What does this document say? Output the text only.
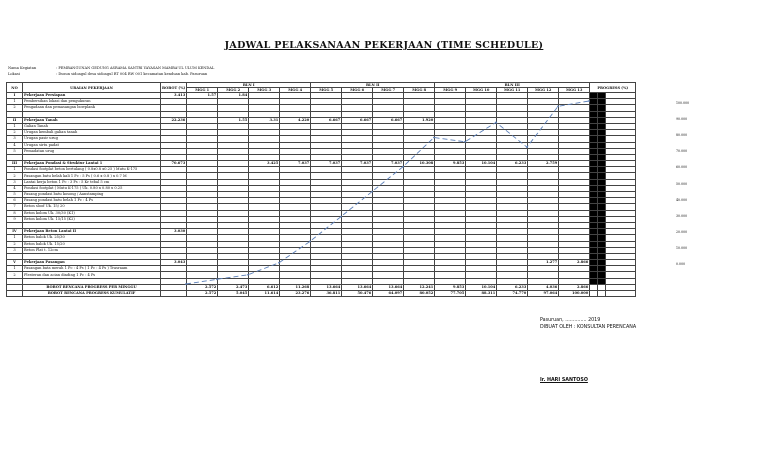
JADWAL PELAKSANAAN PEKERJAAN (TIME SCHEDULE)
Nama Kegiatan	: PEMBANGUNAN GEDUNG ASRAMA SANTRI YAYASAN MAMBA'UL ULUM KENDAL
Lokasi	: Dusun sidoagul desa sidoagul RT 004 RW 001 kecamatan kenduan kab. Pasuruan
NO	URAIAN PEKERJAAN	BOBOT (%)	BLN I				BLN II				BLN III					PROGRESS (%)		
			MGG 1	MGG 2	MGG 3	MGG 4	MGG 5	MGG 6	MGG 7	MGG 8	MGG 9	MGG 10	MGG 11	MGG 12	MGG 13			
I	Pekerjaan Persiapan	3.413	1.57	1.84														
1	Pembersihan lokasi dan pengukuran																	
2	Pengadaan dan pemasangan bowplank																	

II	Pekerjaan Tanah	22.236		1.55	3.31	4.220	6.667	6.667	6.667	1.920								
1	Galian Tanah																	
2	Urugan kembali galian tanah																	
3	Urugan pasir urug																	
4	Urugan sirtu padat																	
5	Pemadatan urug																	

III	Pekerjaan Pondasi & Struktur Lantai 1	70.673			3.425	7.037	7.037	7.037	7.037	10.308	9.853	10.104	6.233	2.759				
1	Pondasi footplat beton bertulang ( 0.8x0.8 x0.25 ) Mutu K-175																	
2	Pasangan batu belah kali 1 Pc : 5 Ps ( 0.6 x 0.8 ) x 0.7 M																	
3	Lantai kerja beton 1 Pc : 3 Ps : 5 Kr tebal 5 cm																	
4	Pondasi footplat ( Mutu K-175 ) Uk. 0.80 x 0.80 x 0.25																	
5	Pasang pondasi batu kosong / Aanstamping																	
6	Pasang pondasi batu belah 1 Pc : 4 Ps																	
7	Beton sloof Uk. 15/ 20																	
8	Beton kolom Uk. 30/30 (K1)																	
9	Beton kolom Uk. 15/15 (K2)																	

IV	Pekerjaan Beton Lantai II	3.030																
1	Beton balok Uk. 25/30																	
2	Beton balok Uk. 15/20																	
3	Beton Plat t. 12cm																	

V	Pekerjaan Pasangan	3.043												1.277	2.866			
1	Pasangan bata merah 1 Pc : 4 Ps ( 1 Pc : 4 Ps ) Trasraam																	
2	Plesteran dan acian dinding 1 Pc : 4 Ps																	

	BOBOT RENCANA PROGRESS PER MINGGU		2.572	2.473	6.612	11.268	13.664	13.664	13.664	12.241	9.853	10.104	6.233	4.036	2.866			
	BOBOT RENCANA PROGRESS KUMULATIF		2.572	5.045	11.614	23.276	36.811	50.476	64.097	80.052	77.705	88.311	74.770	97.064	100.000			
100.000
90.000
80.000
70.000
60.000
50.000
40.000
30.000
20.000
10.000
0.000
Pasuruan, .............. 2019
DIBUAT OLEH : KONSULTAN PERENCANA
Ir. HARI SANTOSO
